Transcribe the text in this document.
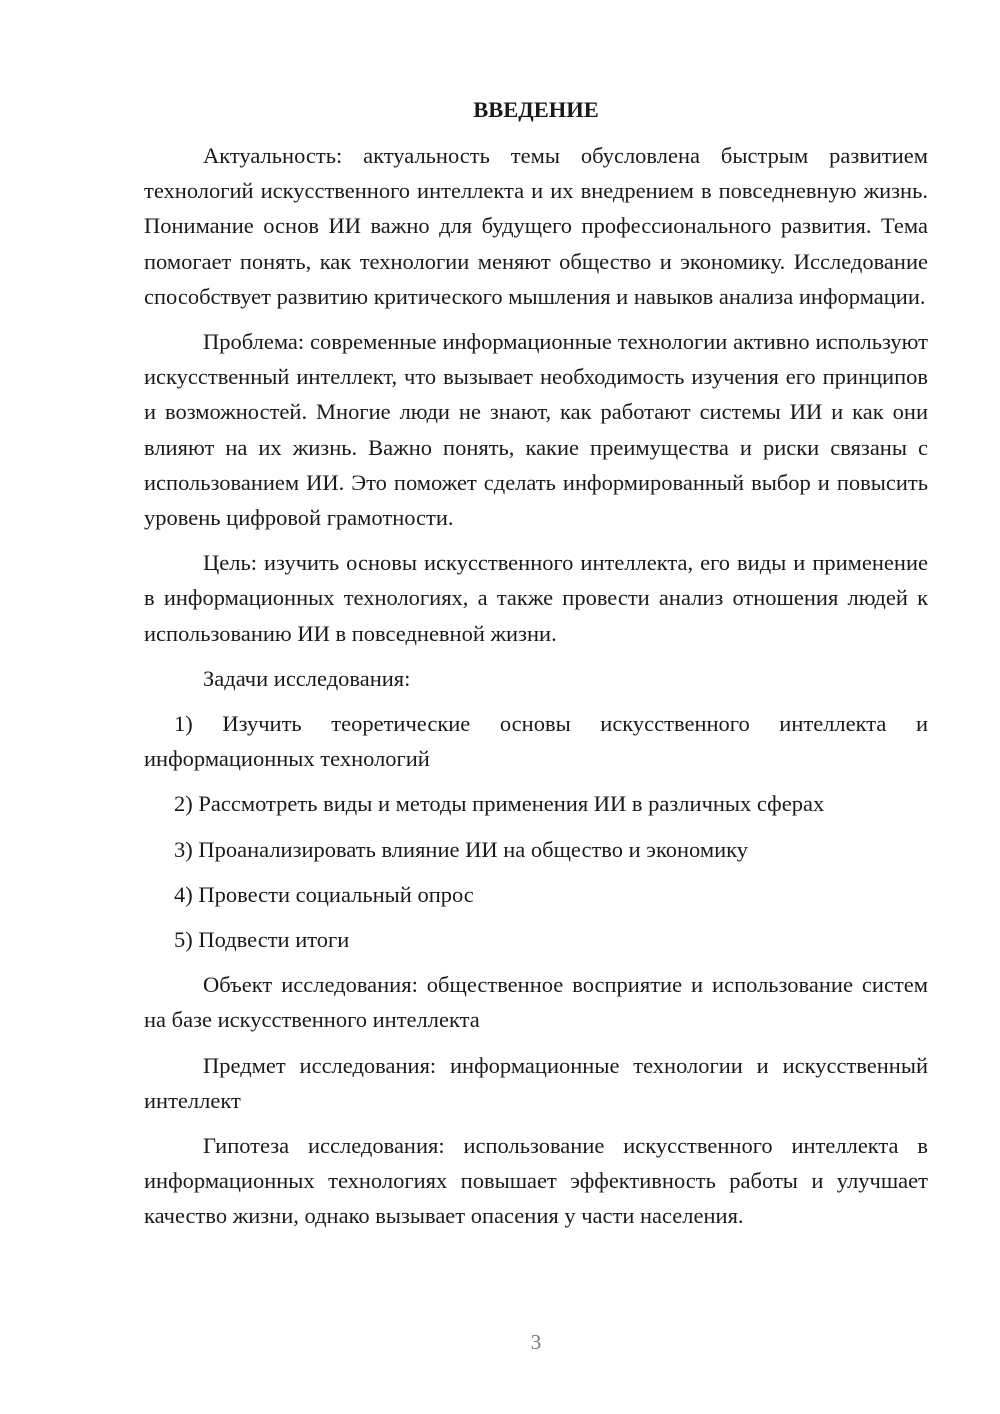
ВВЕДЕНИЕ

Актуальность: актуальность темы обусловлена быстрым развитием технологий искусственного интеллекта и их внедрением в повседневную жизнь. Понимание основ ИИ важно для будущего профессионального развития. Тема помогает понять, как технологии меняют общество и экономику. Исследование способствует развитию критического мышления и навыков анализа информации.

Проблема: современные информационные технологии активно используют искусственный интеллект, что вызывает необходимость изучения его принципов и возможностей. Многие люди не знают, как работают системы ИИ и как они влияют на их жизнь. Важно понять, какие преимущества и риски связаны с использованием ИИ. Это поможет сделать информированный выбор и повысить уровень цифровой грамотности.

Цель: изучить основы искусственного интеллекта, его виды и применение в информационных технологиях, а также провести анализ отношения людей к использованию ИИ в повседневной жизни.

Задачи исследования:

1) Изучить теоретические основы искусственного интеллекта и информационных технологий

2) Рассмотреть виды и методы применения ИИ в различных сферах

3) Проанализировать влияние ИИ на общество и экономику

4) Провести социальный опрос

5) Подвести итоги

Объект исследования: общественное восприятие и использование систем на базе искусственного интеллекта

Предмет исследования: информационные технологии и искусственный интеллект

Гипотеза исследования: использование искусственного интеллекта в информационных технологиях повышает эффективность работы и улучшает качество жизни, однако вызывает опасения у части населения.

3
